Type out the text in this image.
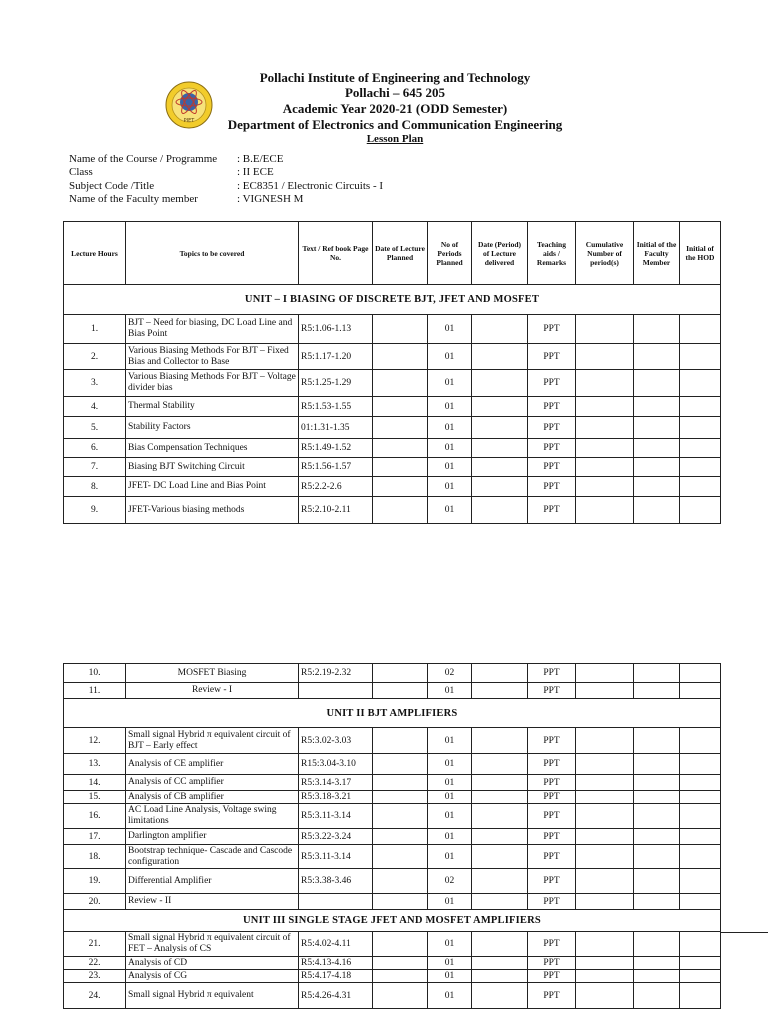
PIET
Pollachi Institute of Engineering and Technology
Pollachi – 645 205
Academic Year 2020-21 (ODD Semester)
Department of Electronics and Communication Engineering
Lesson Plan
Name of the Course / Programme : B.E/ECE
Class	: II ECE
Subject Code /Title	: EC8351 / Electronic Circuits - I
Name of the Faculty member	: VIGNESH M
Lecture Hours	Topics to be covered	Text / Ref book Page No.	Date of Lecture Planned	No of Periods Planned	Date (Period) of Lecture delivered	Teaching aids / Remarks	Cumulative Number of period(s)	Initial of the Faculty Member	Initial of the HOD
UNIT – I BIASING OF DISCRETE BJT, JFET AND MOSFET									
1.	BJT – Need for biasing, DC Load Line and Bias Point	R5:1.06-1.13		01		PPT			
2.	Various Biasing Methods For BJT – Fixed Bias and Collector to Base	R5:1.17-1.20		01		PPT			
3.	Various Biasing Methods For BJT – Voltage divider bias	R5:1.25-1.29		01		PPT			
4.	Thermal Stability	R5:1.53-1.55		01		PPT			
5.	Stability Factors	01:1.31-1.35		01		PPT			
6.	Bias Compensation Techniques	R5:1.49-1.52		01		PPT			
7.	Biasing BJT Switching Circuit	R5:1.56-1.57		01		PPT			
8.	JFET- DC Load Line and Bias Point	R5:2.2-2.6		01		PPT			
9.	JFET-Various biasing methods	R5:2.10-2.11		01		PPT			
10.	MOSFET Biasing	R5:2.19-2.32		02		PPT			
11.	Review - I			01		PPT			
UNIT II BJT AMPLIFIERS									
12.	Small signal Hybrid π equivalent circuit of BJT – Early effect	R5:3.02-3.03		01		PPT			
13.	Analysis of CE amplifier	R15:3.04-3.10		01		PPT			
14.	Analysis of CC amplifier	R5:3.14-3.17		01		PPT			
15.	Analysis of CB amplifier	R5:3.18-3.21		01		PPT			
16.	AC Load Line Analysis, Voltage swing limitations	R5:3.11-3.14		01		PPT			
17.	Darlington amplifier	R5:3.22-3.24		01		PPT			
18.	Bootstrap technique- Cascade and Cascode configuration	R5:3.11-3.14		01		PPT			
19.	Differential Amplifier	R5:3.38-3.46		02		PPT			
20.	Review - II			01		PPT			
UNIT III SINGLE STAGE JFET AND MOSFET AMPLIFIERS									
21.	Small signal Hybrid π equivalent circuit of FET – Analysis of CS	R5:4.02-4.11		01		PPT			
22.	Analysis of CD	R5:4.13-4.16		01		PPT			
23.	Analysis of CG	R5:4.17-4.18		01		PPT			
24.	Small signal Hybrid π equivalent	R5:4.26-4.31		01		PPT			
